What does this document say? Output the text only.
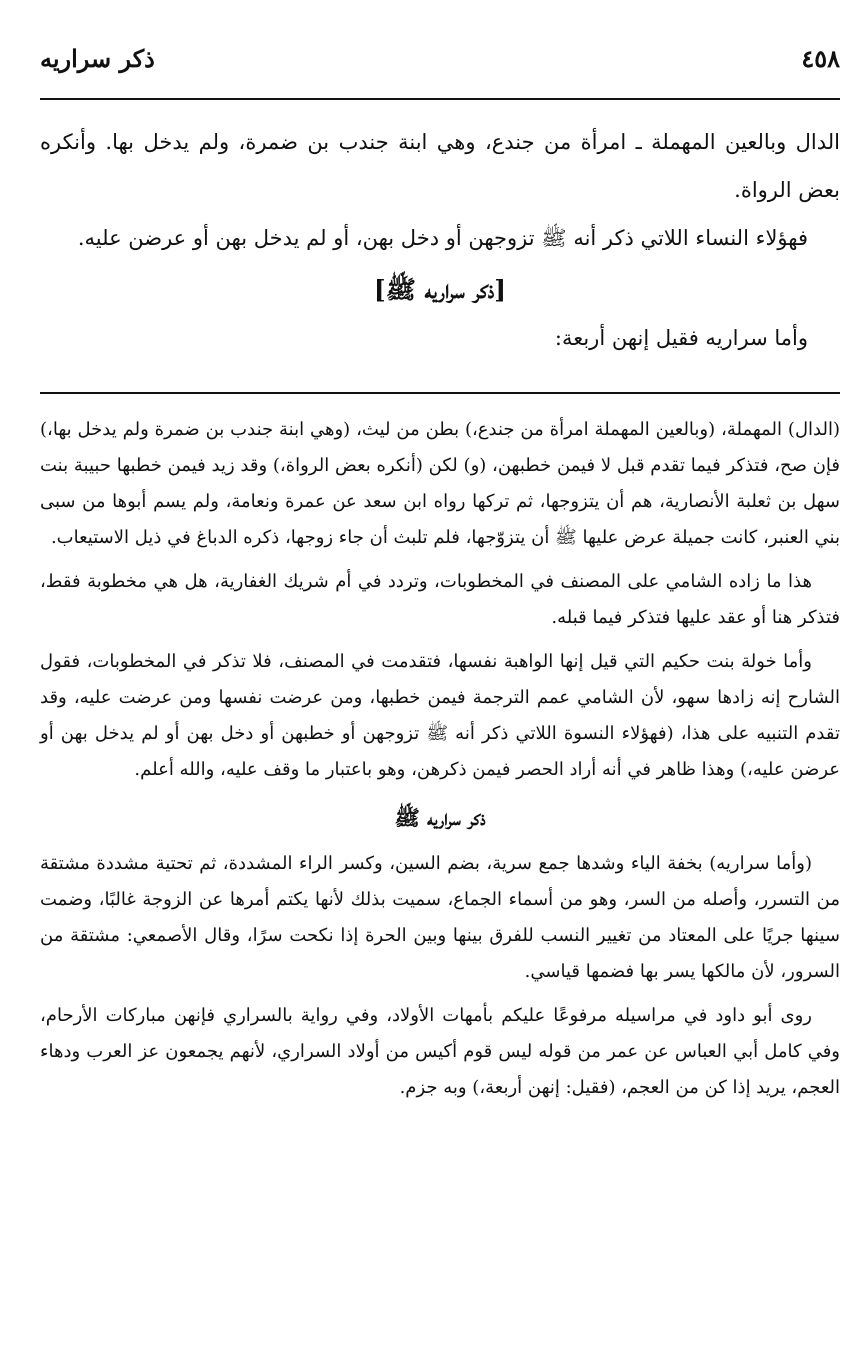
٤٥٨
ذكر سراريه

الدال وبالعين المهملة ـ امرأة من جندع، وهي ابنة جندب بن ضمرة، ولم يدخل بها. وأنكره بعض الرواة.

فهؤلاء النساء اللاتي ذكر أنه ﷺ تزوجهن أو دخل بهن، أو لم يدخل بهن أو عرضن عليه.

[ذكر سراريه ﷺ]

وأما سراريه فقيل إنهن أربعة:

(الدال) المهملة، (وبالعين المهملة امرأة من جندع،) بطن من ليث، (وهي ابنة جندب بن ضمرة ولم يدخل بها،) فإن صح، فتذكر فيما تقدم قبل لا فيمن خطبهن، (و) لكن (أنكره بعض الرواة،) وقد زيد فيمن خطبها حبيبة بنت سهل بن ثعلبة الأنصارية، هم أن يتزوجها، ثم تركها رواه ابن سعد عن عمرة ونعامة، ولم يسم أبوها من سبى بني العنبر، كانت جميلة عرض عليها ﷺ أن يتزوّجها، فلم تلبث أن جاء زوجها، ذكره الدباغ في ذيل الاستيعاب.

هذا ما زاده الشامي على المصنف في المخطوبات، وتردد في أم شريك الغفارية، هل هي مخطوبة فقط، فتذكر هنا أو عقد عليها فتذكر فيما قبله.

وأما خولة بنت حكيم التي قيل إنها الواهبة نفسها، فتقدمت في المصنف، فلا تذكر في المخطوبات، فقول الشارح إنه زادها سهو، لأن الشامي عمم الترجمة فيمن خطبها، ومن عرضت نفسها ومن عرضت عليه، وقد تقدم التنبيه على هذا، (فهؤلاء النسوة اللاتي ذكر أنه ﷺ تزوجهن أو خطبهن أو دخل بهن أو لم يدخل بهن أو عرضن عليه،) وهذا ظاهر في أنه أراد الحصر فيمن ذكرهن، وهو باعتبار ما وقف عليه، والله أعلم.

ذكر سراريه ﷺ

(وأما سراريه) بخفة الياء وشدها جمع سرية، بضم السين، وكسر الراء المشددة، ثم تحتية مشددة مشتقة من التسرر، وأصله من السر، وهو من أسماء الجماع، سميت بذلك لأنها يكتم أمرها عن الزوجة غالبًا، وضمت سينها جريًا على المعتاد من تغيير النسب للفرق بينها وبين الحرة إذا نكحت سرًا، وقال الأصمعي: مشتقة من السرور، لأن مالكها يسر بها فضمها قياسي.

روى أبو داود في مراسيله مرفوعًا عليكم بأمهات الأولاد، وفي رواية بالسراري فإنهن مباركات الأرحام، وفي كامل أبي العباس عن عمر من قوله ليس قوم أكيس من أولاد السراري، لأنهم يجمعون عز العرب ودهاء العجم، يريد إذا كن من العجم، (فقيل: إنهن أربعة،) وبه جزم.
